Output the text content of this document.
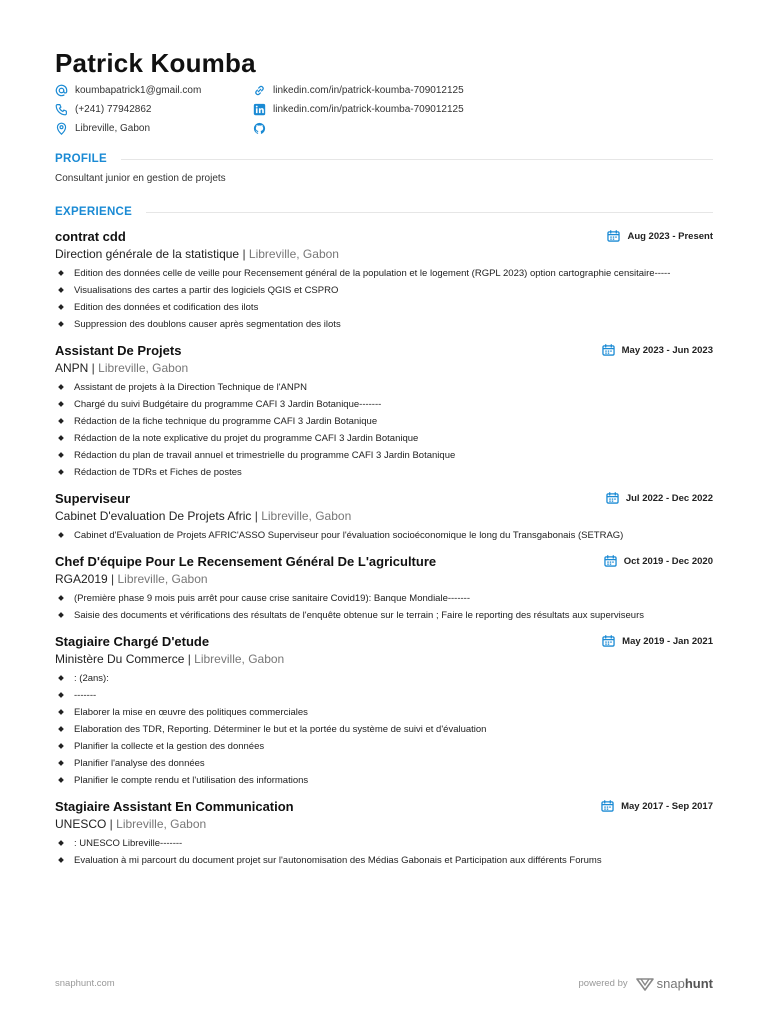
Patrick Koumba
koumbapatrick1@gmail.com
(+241) 77942862
Libreville, Gabon
linkedin.com/in/patrick-koumba-709012125
linkedin.com/in/patrick-koumba-709012125
PROFILE
Consultant junior en gestion de projets
EXPERIENCE
contrat cdd	Aug 2023 - Present
Direction générale de la statistique | Libreville, Gabon
Edition des données celle de veille pour Recensement général de la population et le logement (RGPL 2023) option cartographie censitaire-----
Visualisations des cartes a partir des logiciels QGIS et CSPRO
Edition des données et codification des ilots
Suppression des doublons causer après segmentation des ilots
Assistant De Projets	May 2023 - Jun 2023
ANPN | Libreville, Gabon
Assistant de projets à la Direction Technique de l'ANPN
Chargé du suivi Budgétaire du programme CAFI 3 Jardin Botanique-------
Rédaction de la fiche technique du programme CAFI 3 Jardin Botanique
Rédaction de la note explicative du projet du programme CAFI 3 Jardin Botanique
Rédaction du plan de travail annuel et trimestrielle du programme CAFI 3 Jardin Botanique
Rédaction de TDRs et Fiches de postes
Superviseur	Jul 2022 - Dec 2022
Cabinet D'evaluation De Projets Afric | Libreville, Gabon
Cabinet d'Evaluation de Projets AFRIC'ASSO Superviseur pour l'évaluation socioéconomique le long du Transgabonais (SETRAG)
Chef D'équipe Pour Le Recensement Général De L'agriculture	Oct 2019 - Dec 2020
RGA2019 | Libreville, Gabon
(Première phase 9 mois puis arrêt pour cause crise sanitaire Covid19): Banque Mondiale-------
Saisie des documents et vérifications des résultats de l'enquête obtenue sur le terrain ; Faire le reporting des résultats aux superviseurs
Stagiaire Chargé D'etude	May 2019 - Jan 2021
Ministère Du Commerce | Libreville, Gabon
: (2ans):
-------
Elaborer la mise en œuvre des politiques commerciales
Elaboration des TDR, Reporting. Déterminer le but et la portée du système de suivi et d'évaluation
Planifier la collecte et la gestion des données
Planifier l'analyse des données
Planifier le compte rendu et l'utilisation des informations
Stagiaire Assistant En Communication	May 2017 - Sep 2017
UNESCO | Libreville, Gabon
: UNESCO Libreville-------
Evaluation à mi parcourt du document projet sur l'autonomisation des Médias Gabonais et Participation aux différents Forums
snaphunt.com	powered by snap hunt
